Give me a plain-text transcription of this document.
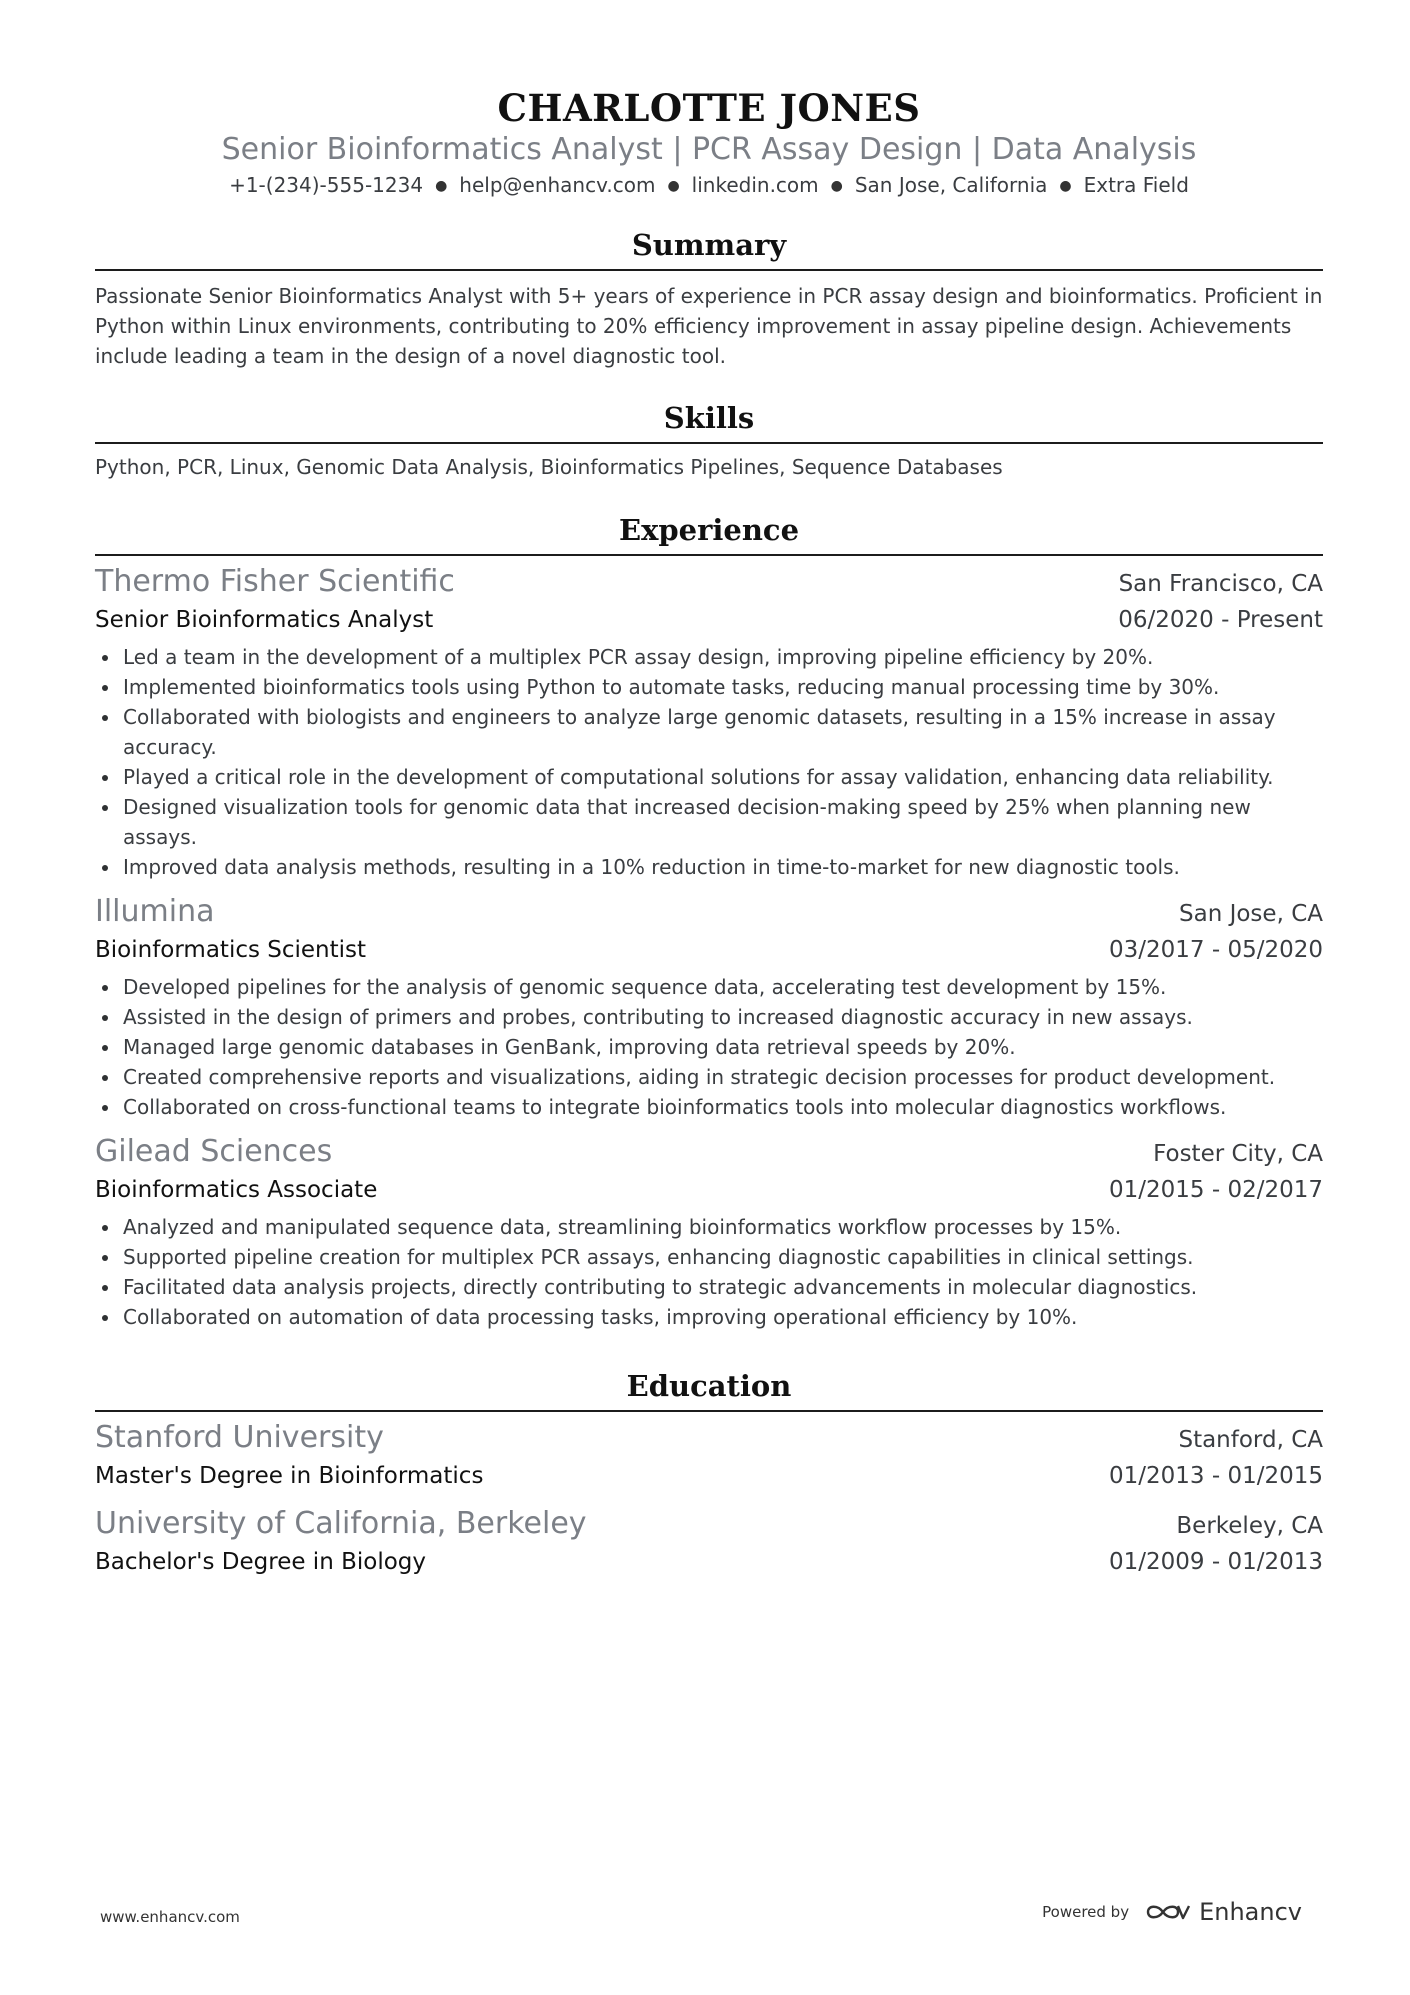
CHARLOTTE JONES
Senior Bioinformatics Analyst | PCR Assay Design | Data Analysis
+1-(234)-555-1234 ● help@enhancv.com ● linkedin.com ● San Jose, California ● Extra Field
Summary
Passionate Senior Bioinformatics Analyst with 5+ years of experience in PCR assay design and bioinformatics. Proficient in Python within Linux environments, contributing to 20% efficiency improvement in assay pipeline design. Achievements include leading a team in the design of a novel diagnostic tool.
Skills
Python, PCR, Linux, Genomic Data Analysis, Bioinformatics Pipelines, Sequence Databases
Experience
Thermo Fisher Scientific	San Francisco, CA
Senior Bioinformatics Analyst	06/2020 - Present
Led a team in the development of a multiplex PCR assay design, improving pipeline efficiency by 20%.
Implemented bioinformatics tools using Python to automate tasks, reducing manual processing time by 30%.
Collaborated with biologists and engineers to analyze large genomic datasets, resulting in a 15% increase in assay accuracy.
Played a critical role in the development of computational solutions for assay validation, enhancing data reliability.
Designed visualization tools for genomic data that increased decision-making speed by 25% when planning new assays.
Improved data analysis methods, resulting in a 10% reduction in time-to-market for new diagnostic tools.
Illumina	San Jose, CA
Bioinformatics Scientist	03/2017 - 05/2020
Developed pipelines for the analysis of genomic sequence data, accelerating test development by 15%.
Assisted in the design of primers and probes, contributing to increased diagnostic accuracy in new assays.
Managed large genomic databases in GenBank, improving data retrieval speeds by 20%.
Created comprehensive reports and visualizations, aiding in strategic decision processes for product development.
Collaborated on cross-functional teams to integrate bioinformatics tools into molecular diagnostics workflows.
Gilead Sciences	Foster City, CA
Bioinformatics Associate	01/2015 - 02/2017
Analyzed and manipulated sequence data, streamlining bioinformatics workflow processes by 15%.
Supported pipeline creation for multiplex PCR assays, enhancing diagnostic capabilities in clinical settings.
Facilitated data analysis projects, directly contributing to strategic advancements in molecular diagnostics.
Collaborated on automation of data processing tasks, improving operational efficiency by 10%.
Education
Stanford University	Stanford, CA
Master's Degree in Bioinformatics	01/2013 - 01/2015
University of California, Berkeley	Berkeley, CA
Bachelor's Degree in Biology	01/2009 - 01/2013
www.enhancv.com	Powered by	Enhancv
